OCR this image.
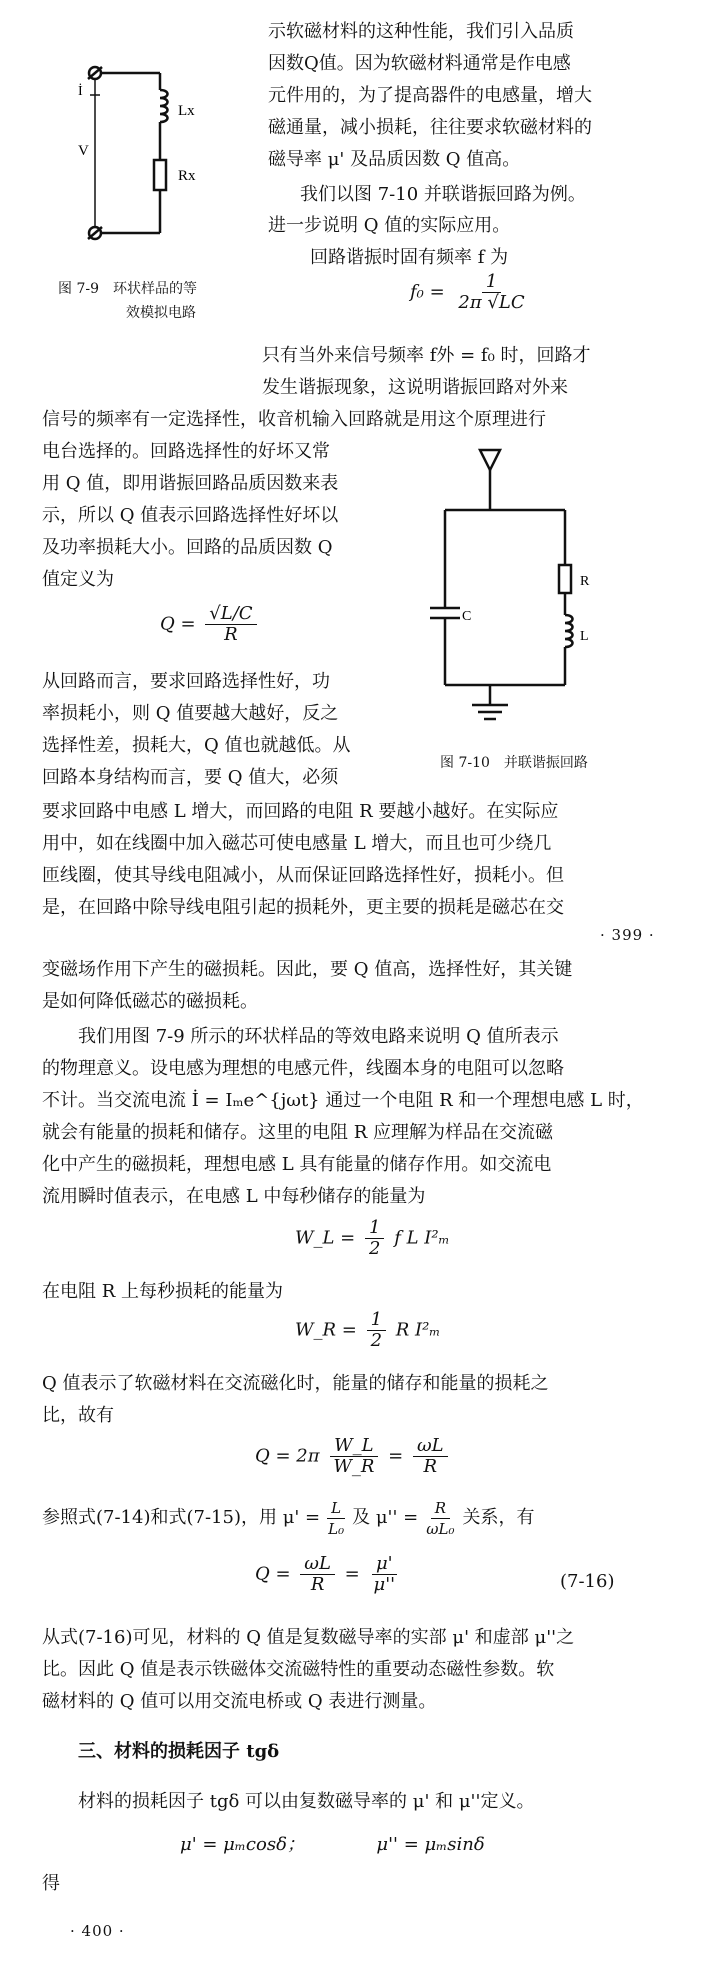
İ
V
Lx
Rx
图 7-9　环状样品的等
效模拟电路
示软磁材料的这种性能，我们引入品质
因数Q值。因为软磁材料通常是作电感
元件用的，为了提高器件的电感量，增大
磁通量，减小损耗，往往要求软磁材料的
磁导率 μ' 及品质因数 Q 值高。
我们以图 7-10 并联谐振回路为例。
进一步说明 Q 值的实际应用。
回路谐振时固有频率 f 为
$f_0 = \frac{1}{2\pi √LC}$
只有当外来信号频率 f外 = f₀ 时，回路才
发生谐振现象，这说明谐振回路对外来
信号的频率有一定选择性，收音机输入回路就是用这个原理进行
电台选择的。回路选择性的好坏又常
用 Q 值，即用谐振回路品质因数来表
示，所以 Q 值表示回路选择性好坏以
及功率损耗大小。回路的品质因数 Q
值定义为
$Q = \frac{√L/C}{R}$
从回路而言，要求回路选择性好，功
率损耗小，则 Q 值要越大越好，反之
选择性差，损耗大，Q 值也就越低。从
回路本身结构而言，要 Q 值大，必须
C
R
L
图 7-10　并联谐振回路
要求回路中电感 L 增大，而回路的电阻 R 要越小越好。在实际应
用中，如在线圈中加入磁芯可使电感量 L 增大，而且也可少绕几
匝线圈，使其导线电阻减小，从而保证回路选择性好，损耗小。但
是，在回路中除导线电阻引起的损耗外，更主要的损耗是磁芯在交
· 399 ·
变磁场作用下产生的磁损耗。因此，要 Q 值高，选择性好，其关键
是如何降低磁芯的磁损耗。
我们用图 7-9 所示的环状样品的等效电路来说明 Q 值所表示
的物理意义。设电感为理想的电感元件，线圈本身的电阻可以忽略
不计。当交流电流 İ = Iₘe^{jωt} 通过一个电阻 R 和一个理想电感 L 时，
就会有能量的损耗和储存。这里的电阻 R 应理解为样品在交流磁
化中产生的磁损耗，理想电感 L 具有能量的储存作用。如交流电
流用瞬时值表示，在电感 L 中每秒储存的能量为
W_L = $\frac{1}{2}$ f L I²ₘ
在电阻 R 上每秒损耗的能量为
W_R = $\frac{1}{2}$ R I²ₘ
Q 值表示了软磁材料在交流磁化时，能量的储存和能量的损耗之
比，故有
$Q = 2\pi \frac{W\_L}{W\_R} = \frac{\omega L}{R}$
参照式(7-14)和式(7-15)，用 $\mu' = \frac{L}{\text{L₀}}$ 及 $\mu'' = \frac{R}{\text{ωL₀}}$ 关系，有
$Q = \frac{\omega L}{R} = \frac{\mu'}{\mu''}$	(7-16)
从式(7-16)可见，材料的 Q 值是复数磁导率的实部 μ' 和虚部 μ''之
比。因此 Q 值是表示铁磁体交流磁特性的重要动态磁性参数。软
磁材料的 Q 值可以用交流电桥或 Q 表进行测量。
三、材料的损耗因子 tgδ
材料的损耗因子 tgδ 可以由复数磁导率的 μ' 和 μ''定义。
μ' = μₘcosδ；	μ'' = μₘsinδ
得
· 400 ·
